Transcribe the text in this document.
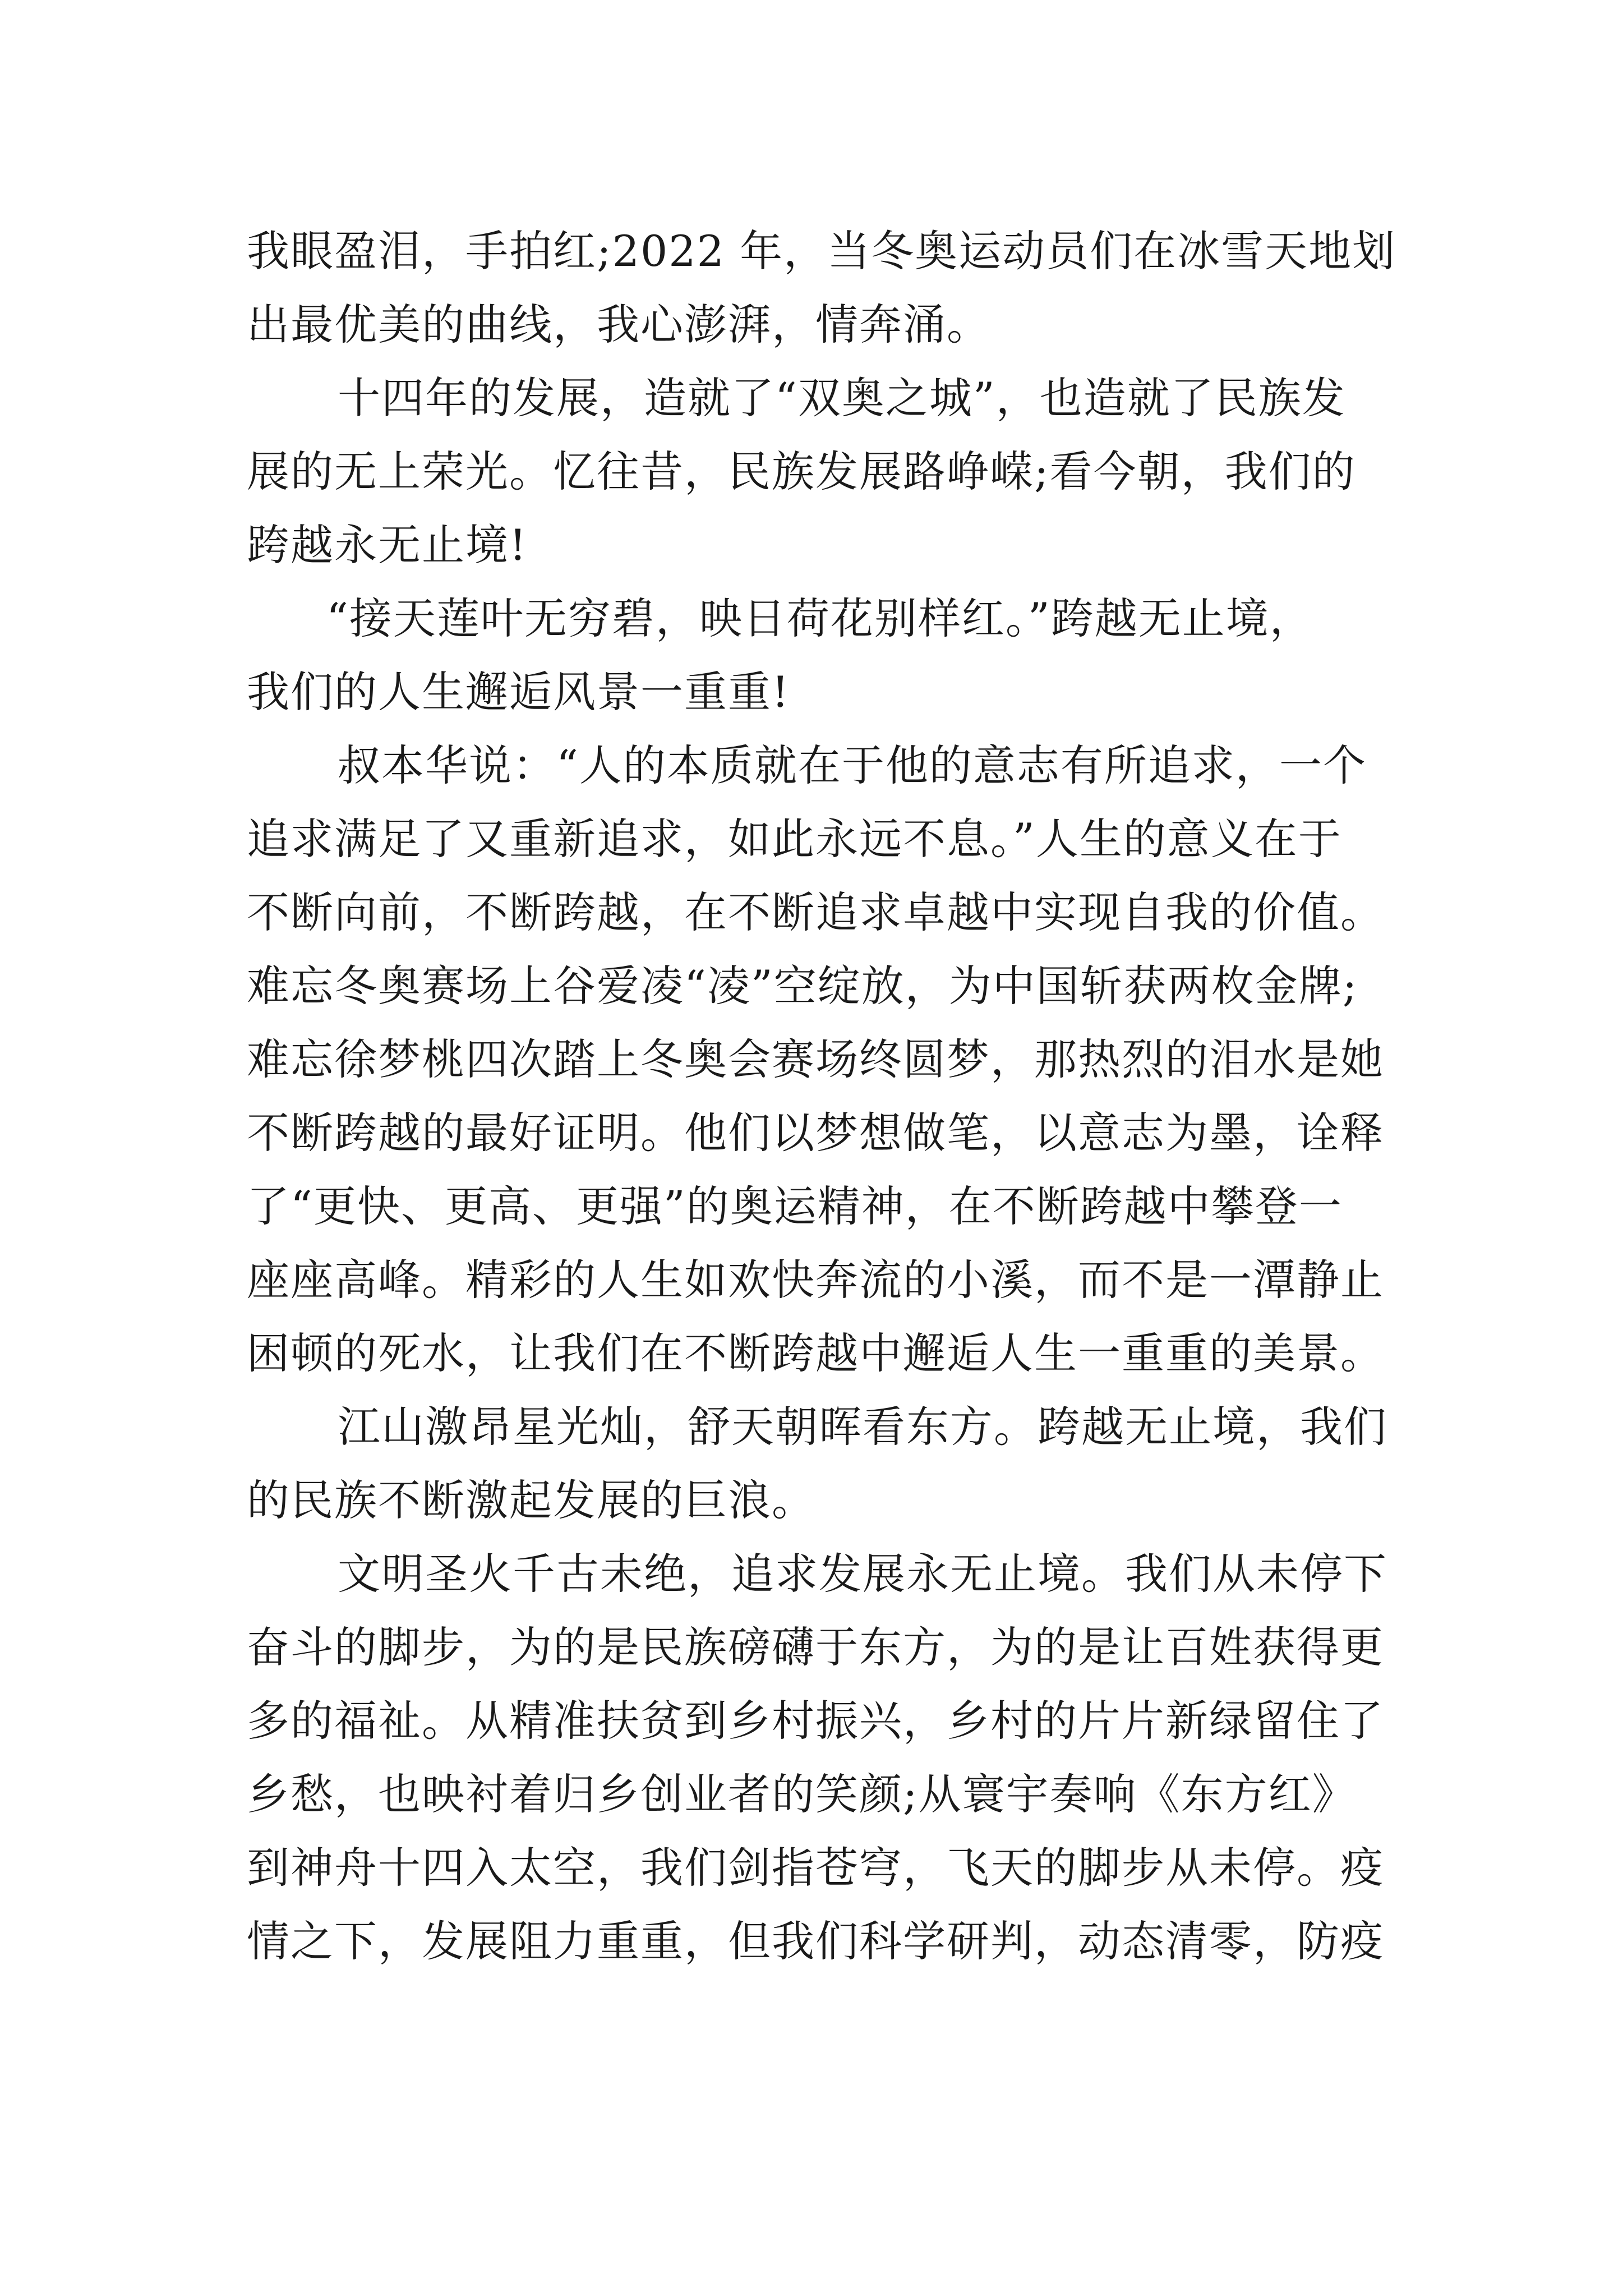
我眼盈泪，手拍红;2022 年，当冬奥运动员们在冰雪天地划
出最优美的曲线，我心澎湃，情奔涌。
十四年的发展，造就了“双奥之城”，也造就了民族发
展的无上荣光。忆往昔，民族发展路峥嵘;看今朝，我们的
跨越永无止境!
“接天莲叶无穷碧，映日荷花别样红。”跨越无止境，
我们的人生邂逅风景一重重!
叔本华说：“人的本质就在于他的意志有所追求，一个
追求满足了又重新追求，如此永远不息。”人生的意义在于
不断向前，不断跨越，在不断追求卓越中实现自我的价值。
难忘冬奥赛场上谷爱凌“凌”空绽放，为中国斩获两枚金牌;
难忘徐梦桃四次踏上冬奥会赛场终圆梦，那热烈的泪水是她
不断跨越的最好证明。他们以梦想做笔，以意志为墨，诠释
了“更快、更高、更强”的奥运精神，在不断跨越中攀登一
座座高峰。精彩的人生如欢快奔流的小溪，而不是一潭静止
困顿的死水，让我们在不断跨越中邂逅人生一重重的美景。
江山激昂星光灿，舒天朝晖看东方。跨越无止境，我们
的民族不断激起发展的巨浪。
文明圣火千古未绝，追求发展永无止境。我们从未停下
奋斗的脚步，为的是民族磅礴于东方，为的是让百姓获得更
多的福祉。从精准扶贫到乡村振兴，乡村的片片新绿留住了
乡愁，也映衬着归乡创业者的笑颜;从寰宇奏响《东方红》
到神舟十四入太空，我们剑指苍穹，飞天的脚步从未停。疫
情之下，发展阻力重重，但我们科学研判，动态清零，防疫
